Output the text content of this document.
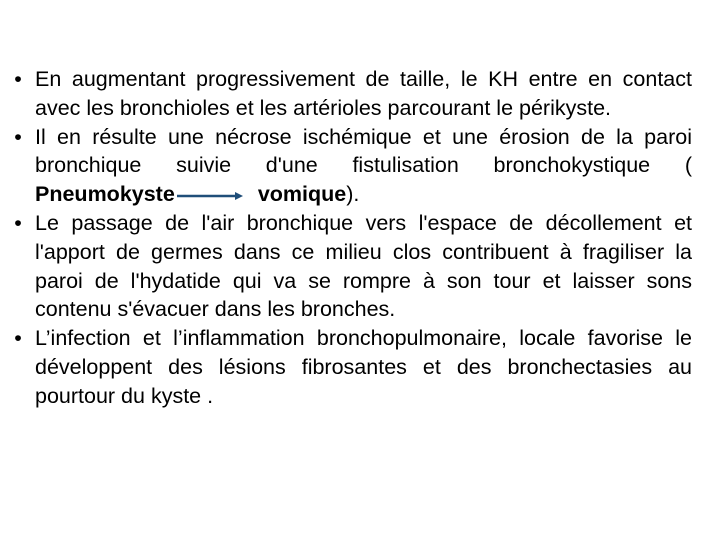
• En augmentant progressivement de taille, le KH entre en contact avec les bronchioles et les artérioles parcourant le périkyste.
• Il en résulte une nécrose ischémique et une érosion de la paroi bronchique suivie d'une fistulisation bronchokystique ( Pneumokyste	vomique).
• Le passage de l'air bronchique vers l'espace de décollement et l'apport de germes dans ce milieu clos contribuent à fragiliser la paroi de l'hydatide qui va se rompre à son tour et laisser sons contenu s'évacuer dans les bronches.
• L’infection et l’inflammation bronchopulmonaire, locale favorise le développent des lésions fibrosantes et des bronchectasies au pourtour du kyste .
